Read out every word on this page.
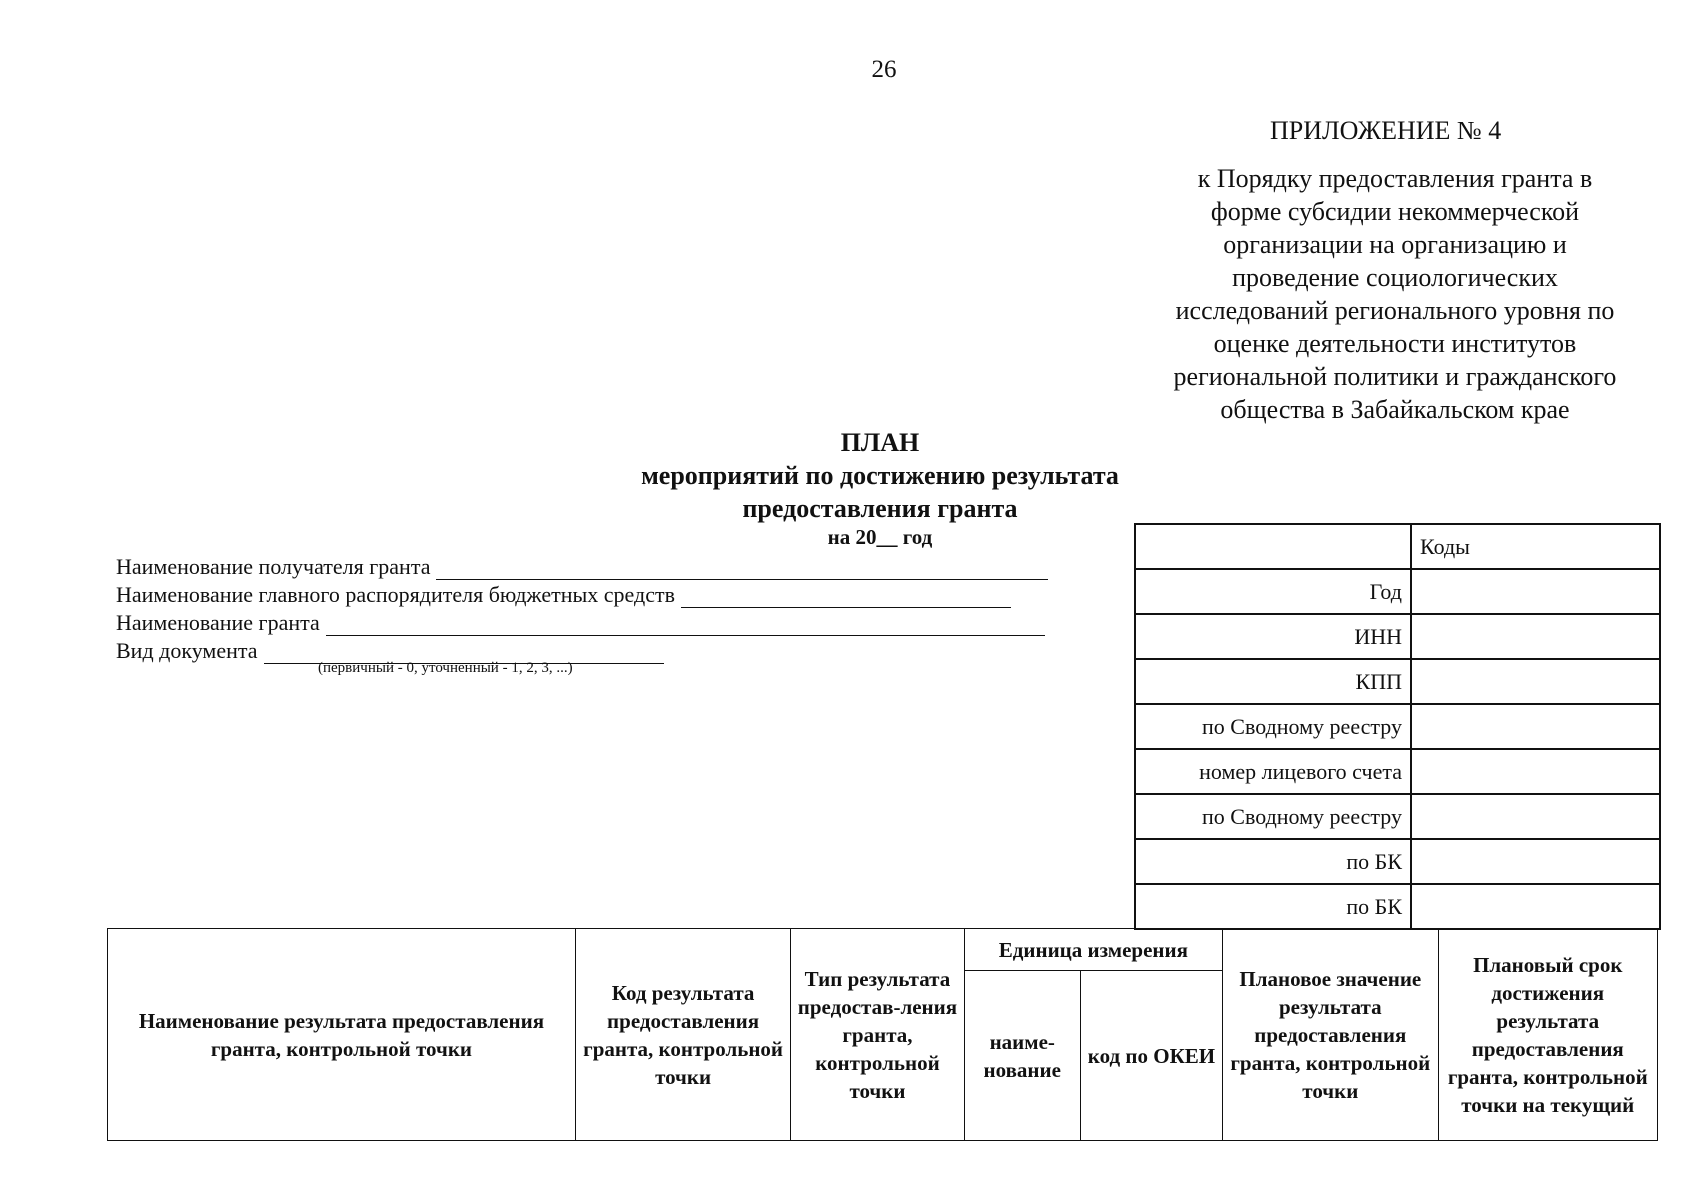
26
ПРИЛОЖЕНИЕ № 4
к Порядку предоставления гранта в
форме субсидии некоммерческой
организации на организацию и
проведение социологических
исследований регионального уровня по
оценке деятельности институтов
региональной политики и гражданского
общества в Забайкальском крае
ПЛАН
мероприятий по достижению результата
предоставления гранта
на 20__ год
Наименование получателя гранта
Наименование главного распорядителя бюджетных средств
Наименование гранта
Вид документа
(первичный - 0, уточненный - 1, 2, 3, ...)
	Коды
Год	
ИНН	
КПП	
по Сводному реестру	
номер лицевого счета	
по Сводному реестру	
по БК	
по БК	
Наименование результата предоставления гранта, контрольной точки	Код результата предоставления гранта, контрольной точки	Тип результата предостав-ления гранта, контрольной точки	Единица измерения		Плановое значение результата предоставления гранта, контрольной точки	Плановый срок достижения результата предоставления гранта, контрольной точки на текущий
			наиме-нование	код по ОКЕИ		
